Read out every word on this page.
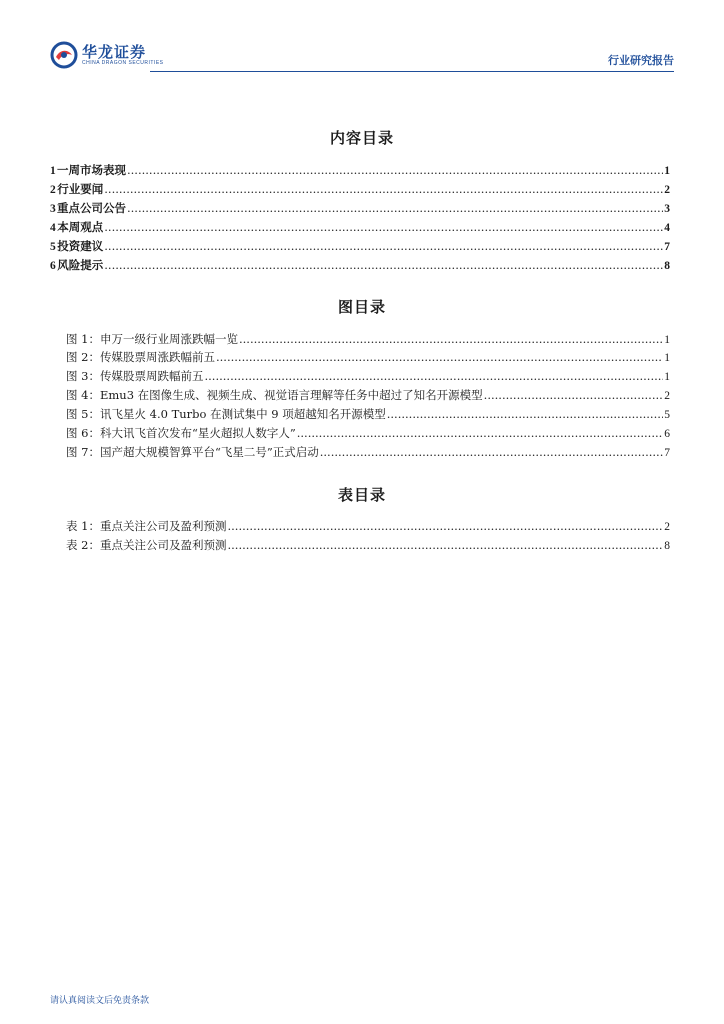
华龙证券
CHINA DRAGON SECURITIES	行业研究报告
内容目录
1 一周市场表现 .....	1
2 行业要闻 .....	2
3 重点公司公告 .....	3
4 本周观点 .....	4
5 投资建议 .....	7
6 风险提示 .....	8
图目录
图 1： 申万一级行业周涨跌幅一览 .....	1
图 2： 传媒股票周涨跌幅前五 .....	1
图 3： 传媒股票周跌幅前五 .....	1
图 4： Emu3 在图像生成、视频生成、视觉语言理解等任务中超过了知名开源模型 .....	2
图 5： 讯飞星火 4.0 Turbo 在测试集中 9 项超越知名开源模型 .....	5
图 6： 科大讯飞首次发布“星火超拟人数字人” .....	6
图 7： 国产超大规模智算平台“飞星二号”正式启动 .....	7
表目录
表 1： 重点关注公司及盈利预测 .....	2
表 2： 重点关注公司及盈利预测 .....	8
请认真阅读文后免责条款
